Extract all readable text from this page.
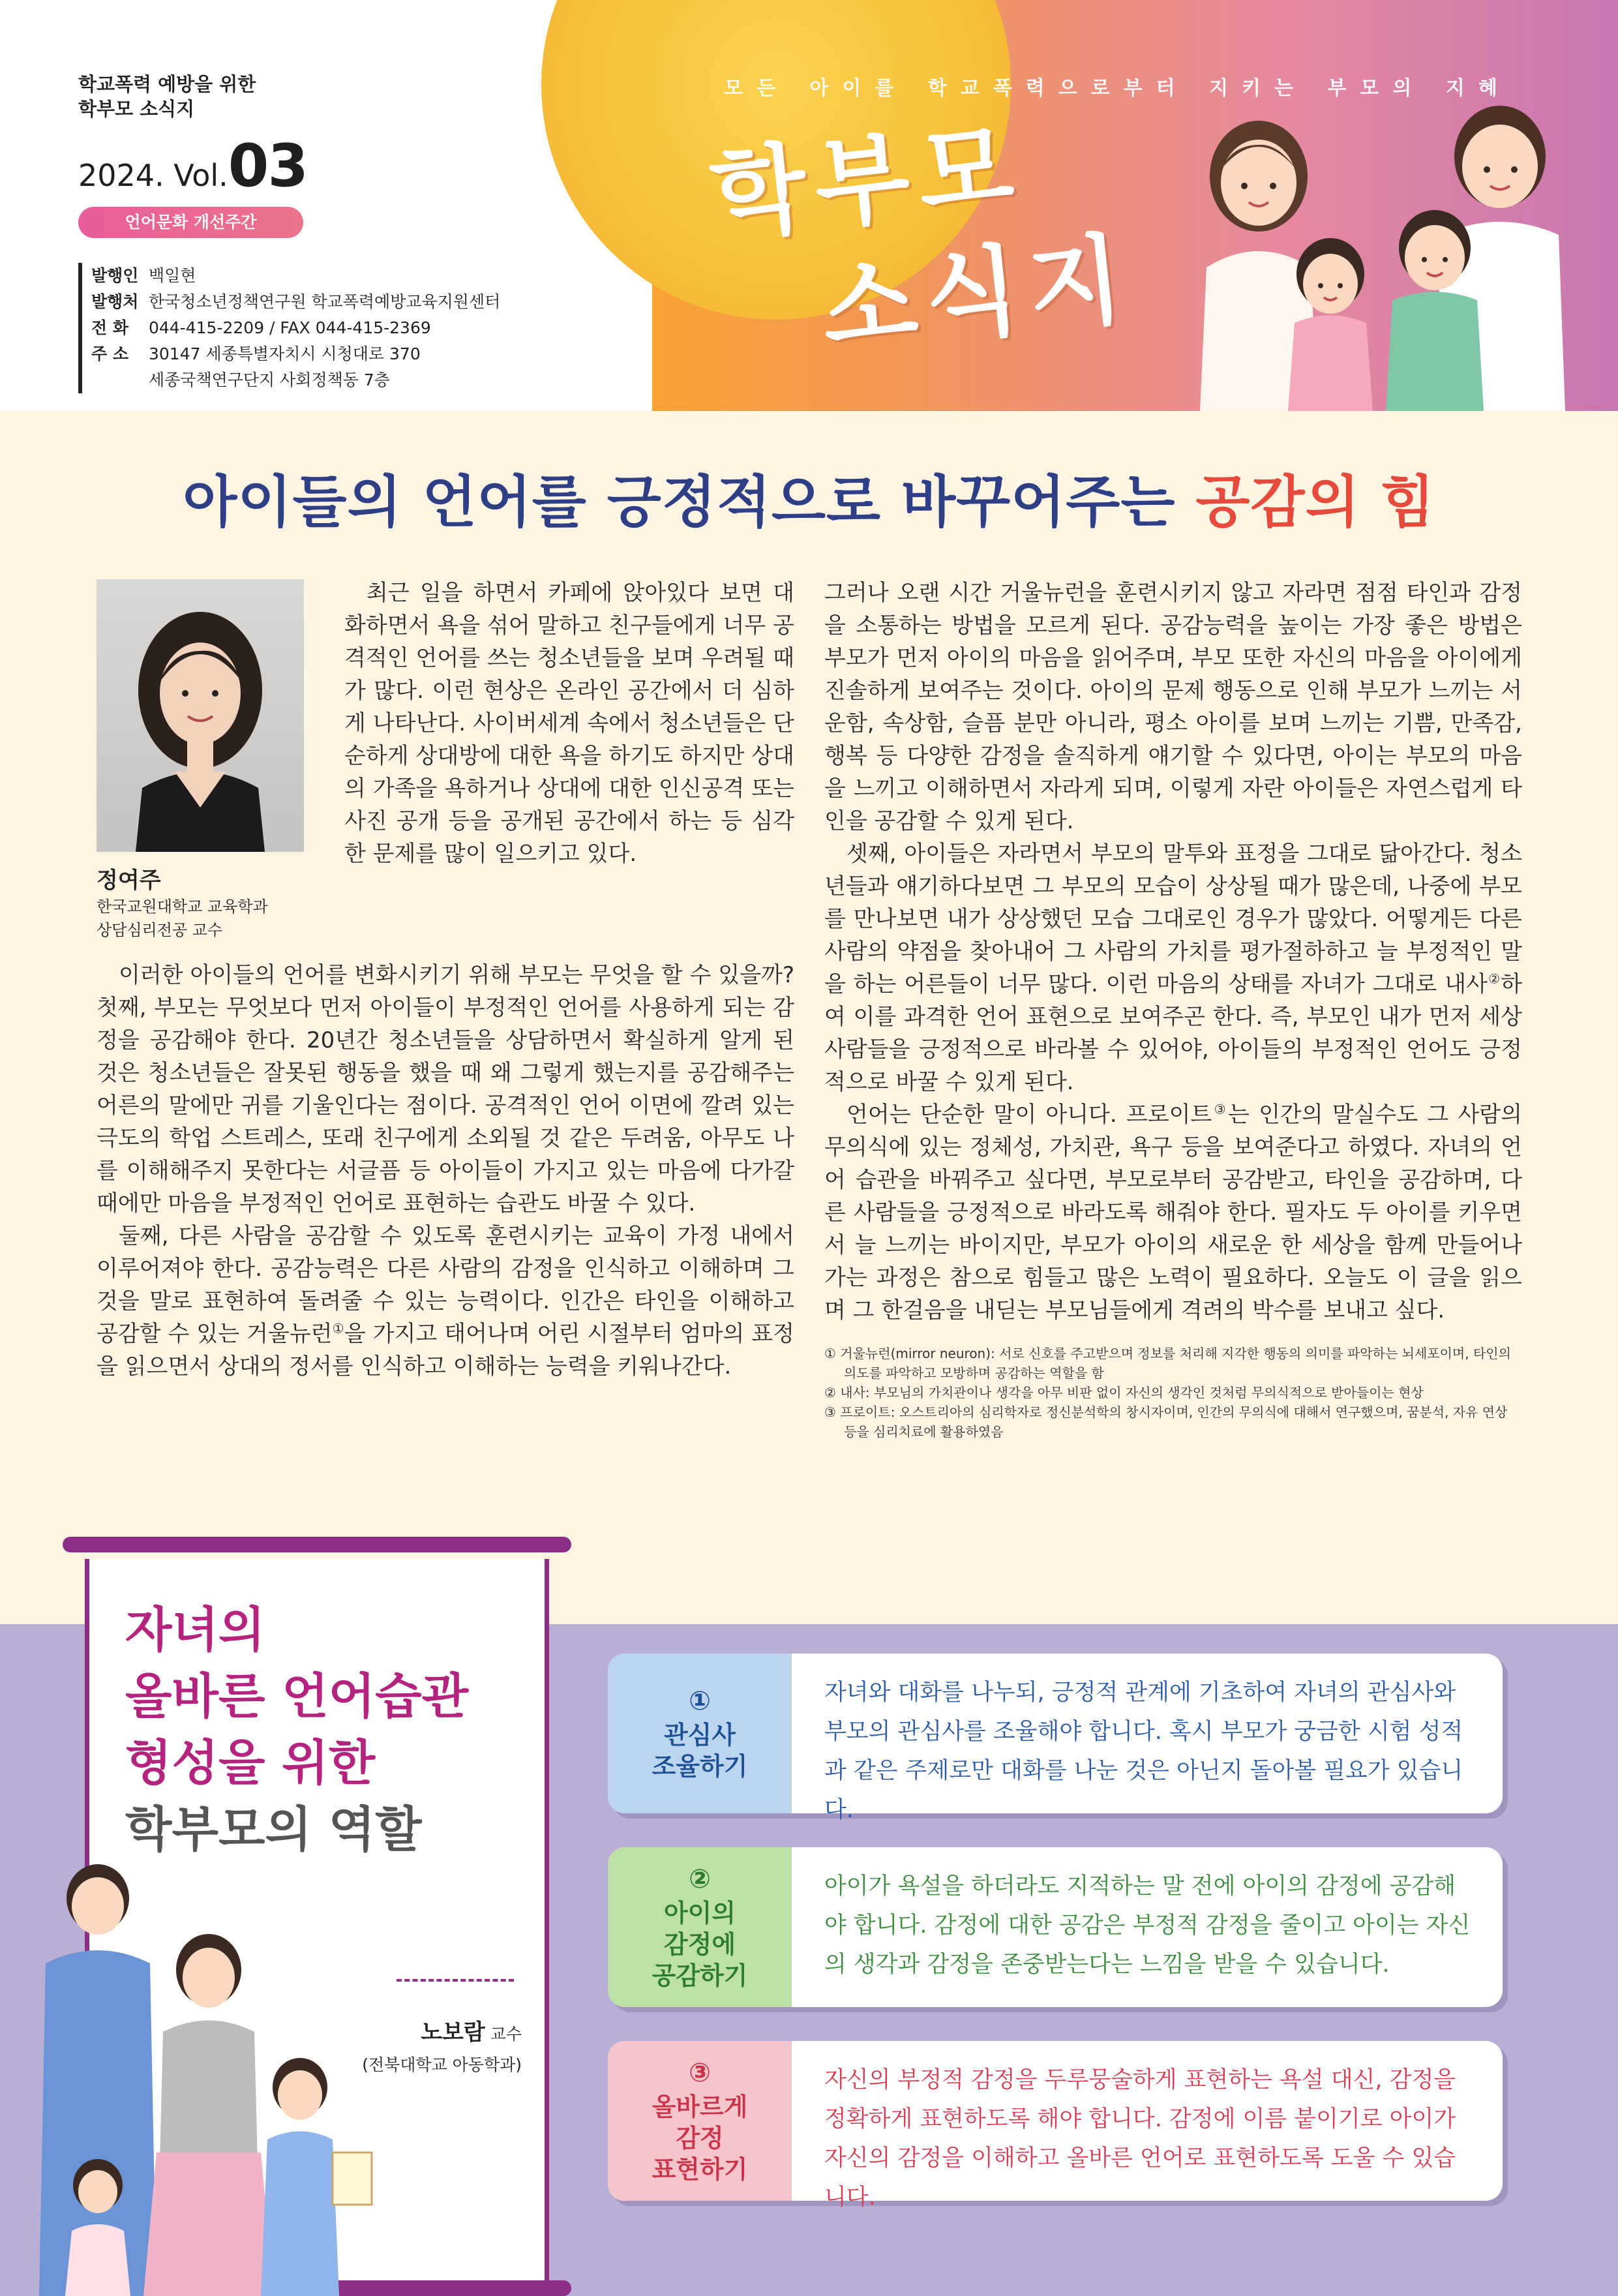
모든 아이를 학교폭력으로부터 지키는 부모의 지혜
학부모
소식지
학교폭력 예방을 위한
학부모 소식지
2024. Vol.03
언어문화 개선주간
발행인 백일현
발행처 한국청소년정책연구원 학교폭력예방교육지원센터
전 화 044-415-2209 / FAX 044-415-2369
주 소 30147 세종특별자치시 시청대로 370
세종국책연구단지 사회정책동 7층
아이들의 언어를 긍정적으로 바꾸어주는 공감의 힘
정여주
한국교원대학교 교육학과
상담심리전공 교수

최근 일을 하면서 카페에 앉아있다 보면 대화하면서 욕을 섞어 말하고 친구들에게 너무 공격적인 언어를 쓰는 청소년들을 보며 우려될 때가 많다. 이런 현상은 온라인 공간에서 더 심하게 나타난다. 사이버세계 속에서 청소년들은 단순하게 상대방에 대한 욕을 하기도 하지만 상대의 가족을 욕하거나 상대에 대한 인신공격 또는 사진 공개 등을 공개된 공간에서 하는 등 심각한 문제를 많이 일으키고 있다.

이러한 아이들의 언어를 변화시키기 위해 부모는 무엇을 할 수 있을까? 첫째, 부모는 무엇보다 먼저 아이들이 부정적인 언어를 사용하게 되는 감정을 공감해야 한다. 20년간 청소년들을 상담하면서 확실하게 알게 된 것은 청소년들은 잘못된 행동을 했을 때 왜 그렇게 했는지를 공감해주는 어른의 말에만 귀를 기울인다는 점이다. 공격적인 언어 이면에 깔려 있는 극도의 학업 스트레스, 또래 친구에게 소외될 것 같은 두려움, 아무도 나를 이해해주지 못한다는 서글픔 등 아이들이 가지고 있는 마음에 다가갈 때에만 마음을 부정적인 언어로 표현하는 습관도 바꿀 수 있다.

둘째, 다른 사람을 공감할 수 있도록 훈련시키는 교육이 가정 내에서 이루어져야 한다. 공감능력은 다른 사람의 감정을 인식하고 이해하며 그것을 말로 표현하여 돌려줄 수 있는 능력이다. 인간은 타인을 이해하고 공감할 수 있는 거울뉴런①을 가지고 태어나며 어린 시절부터 엄마의 표정을 읽으면서 상대의 정서를 인식하고 이해하는 능력을 키워나간다.

그러나 오랜 시간 거울뉴런을 훈련시키지 않고 자라면 점점 타인과 감정을 소통하는 방법을 모르게 된다. 공감능력을 높이는 가장 좋은 방법은 부모가 먼저 아이의 마음을 읽어주며, 부모 또한 자신의 마음을 아이에게 진솔하게 보여주는 것이다. 아이의 문제 행동으로 인해 부모가 느끼는 서운함, 속상함, 슬픔 분만 아니라, 평소 아이를 보며 느끼는 기쁨, 만족감, 행복 등 다양한 감정을 솔직하게 얘기할 수 있다면, 아이는 부모의 마음을 느끼고 이해하면서 자라게 되며, 이렇게 자란 아이들은 자연스럽게 타인을 공감할 수 있게 된다.

셋째, 아이들은 자라면서 부모의 말투와 표정을 그대로 닮아간다. 청소년들과 얘기하다보면 그 부모의 모습이 상상될 때가 많은데, 나중에 부모를 만나보면 내가 상상했던 모습 그대로인 경우가 많았다. 어떻게든 다른 사람의 약점을 찾아내어 그 사람의 가치를 평가절하하고 늘 부정적인 말을 하는 어른들이 너무 많다. 이런 마음의 상태를 자녀가 그대로 내사②하여 이를 과격한 언어 표현으로 보여주곤 한다. 즉, 부모인 내가 먼저 세상 사람들을 긍정적으로 바라볼 수 있어야, 아이들의 부정적인 언어도 긍정적으로 바꿀 수 있게 된다.

언어는 단순한 말이 아니다. 프로이트③는 인간의 말실수도 그 사람의 무의식에 있는 정체성, 가치관, 욕구 등을 보여준다고 하였다. 자녀의 언어 습관을 바꿔주고 싶다면, 부모로부터 공감받고, 타인을 공감하며, 다른 사람들을 긍정적으로 바라도록 해줘야 한다. 필자도 두 아이를 키우면서 늘 느끼는 바이지만, 부모가 아이의 새로운 한 세상을 함께 만들어나가는 과정은 참으로 힘들고 많은 노력이 필요하다. 오늘도 이 글을 읽으며 그 한걸음을 내딛는 부모님들에게 격려의 박수를 보내고 싶다.

① 거울뉴런(mirror neuron): 서로 신호를 주고받으며 정보를 처리해 지각한 행동의 의미를 파악하는 뇌세포이며, 타인의 의도를 파악하고 모방하며 공감하는 역할을 함
② 내사: 부모님의 가치관이나 생각을 아무 비판 없이 자신의 생각인 것처럼 무의식적으로 받아들이는 현상
③ 프로이트: 오스트리아의 심리학자로 정신분석학의 창시자이며, 인간의 무의식에 대해서 연구했으며, 꿈분석, 자유 연상 등을 심리치료에 활용하였음
자녀의
올바른 언어습관
형성을 위한
학부모의 역할
노보람 교수
(전북대학교 아동학과)
①
관심사
조율하기
자녀와 대화를 나누되, 긍정적 관계에 기초하여 자녀의 관심사와 부모의 관심사를 조율해야 합니다. 혹시 부모가 궁금한 시험 성적과 같은 주제로만 대화를 나눈 것은 아닌지 돌아볼 필요가 있습니다.
②
아이의
감정에
공감하기
아이가 욕설을 하더라도 지적하는 말 전에 아이의 감정에 공감해야 합니다. 감정에 대한 공감은 부정적 감정을 줄이고 아이는 자신의 생각과 감정을 존중받는다는 느낌을 받을 수 있습니다.
③
올바르게
감정
표현하기
자신의 부정적 감정을 두루뭉술하게 표현하는 욕설 대신, 감정을 정확하게 표현하도록 해야 합니다. 감정에 이름 붙이기로 아이가 자신의 감정을 이해하고 올바른 언어로 표현하도록 도울 수 있습니다.
